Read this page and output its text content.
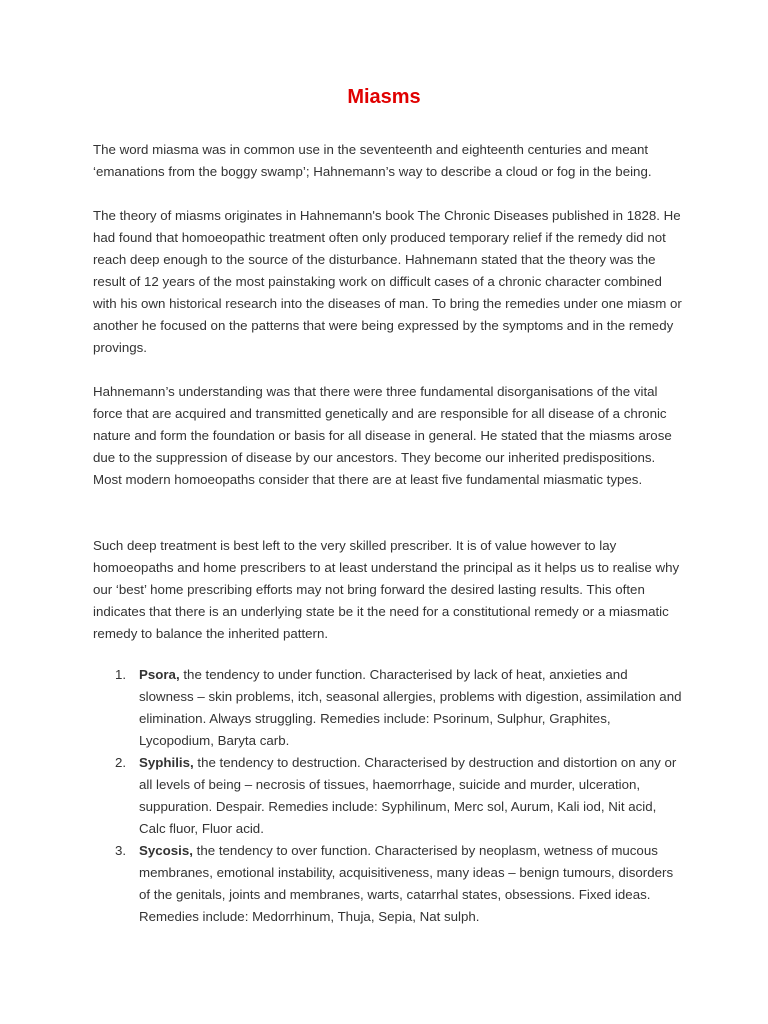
Miasms

The word miasma was in common use in the seventeenth and eighteenth centuries and meant ‘emanations from the boggy swamp’; Hahnemann’s way to describe a cloud or fog in the being.

The theory of miasms originates in Hahnemann's book The Chronic Diseases published in 1828. He had found that homoeopathic treatment often only produced temporary relief if the remedy did not reach deep enough to the source of the disturbance. Hahnemann stated that the theory was the result of 12 years of the most painstaking work on difficult cases of a chronic character combined with his own historical research into the diseases of man. To bring the remedies under one miasm or another he focused on the patterns that were being expressed by the symptoms and in the remedy provings.

Hahnemann’s understanding was that there were three fundamental disorganisations of the vital force that are acquired and transmitted genetically and are responsible for all disease of a chronic nature and form the foundation or basis for all disease in general. He stated that the miasms arose due to the suppression of disease by our ancestors. They become our inherited predispositions. Most modern homoeopaths consider that there are at least five fundamental miasmatic types.

Such deep treatment is best left to the very skilled prescriber. It is of value however to lay homoeopaths and home prescribers to at least understand the principal as it helps us to realise why our ‘best’ home prescribing efforts may not bring forward the desired lasting results. This often indicates that there is an underlying state be it the need for a constitutional remedy or a miasmatic remedy to balance the inherited pattern.

1. Psora, the tendency to under function. Characterised by lack of heat, anxieties and slowness – skin problems, itch, seasonal allergies, problems with digestion, assimilation and elimination. Always struggling. Remedies include: Psorinum, Sulphur, Graphites, Lycopodium, Baryta carb.
2. Syphilis, the tendency to destruction. Characterised by destruction and distortion on any or all levels of being – necrosis of tissues, haemorrhage, suicide and murder, ulceration, suppuration. Despair. Remedies include: Syphilinum, Merc sol, Aurum, Kali iod, Nit acid, Calc fluor, Fluor acid.
3. Sycosis, the tendency to over function. Characterised by neoplasm, wetness of mucous membranes, emotional instability, acquisitiveness, many ideas – benign tumours, disorders of the genitals, joints and membranes, warts, catarrhal states, obsessions. Fixed ideas. Remedies include: Medorrhinum, Thuja, Sepia, Nat sulph.
